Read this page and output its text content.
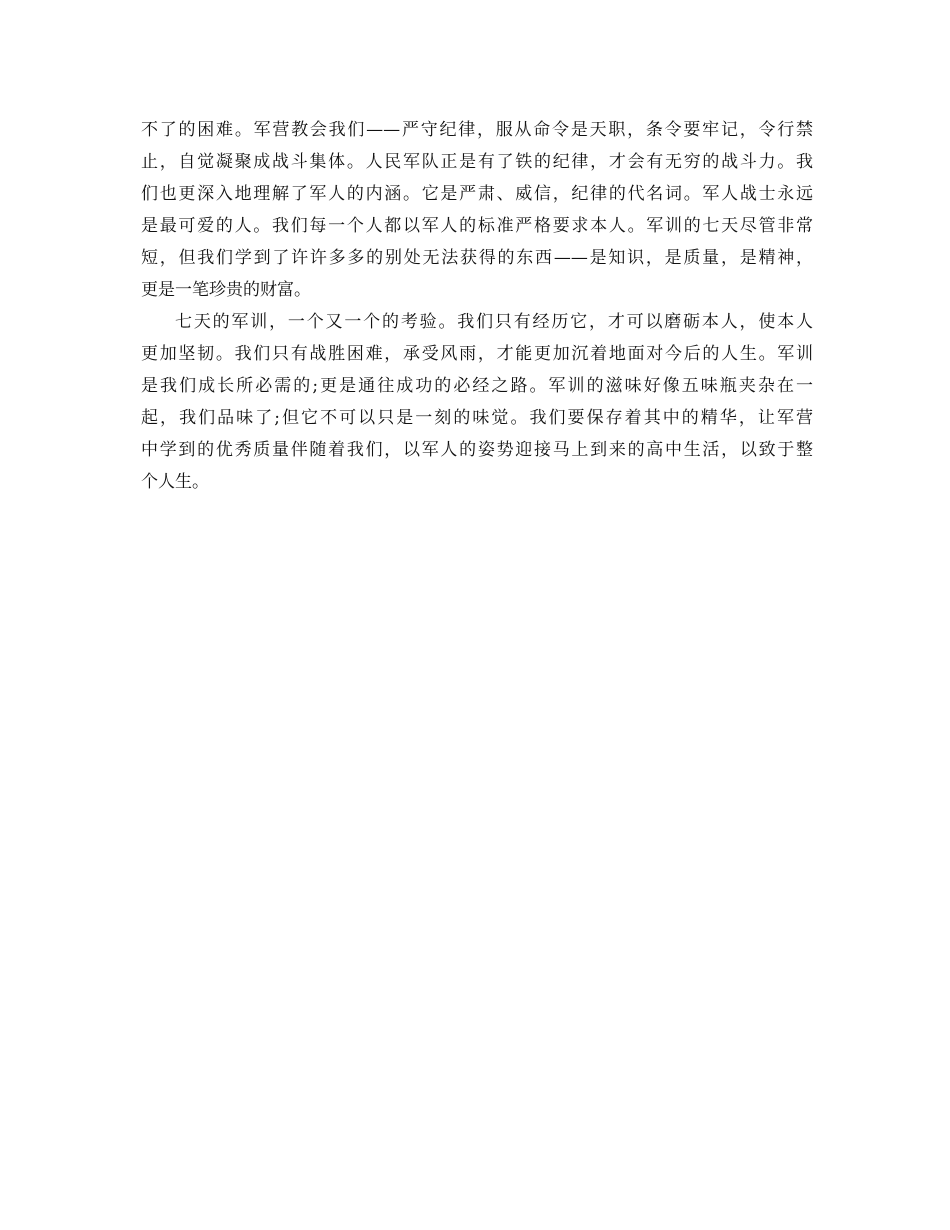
不了的困难。军营教会我们——严守纪律，服从命令是天职，条令要牢记，令行禁
止，自觉凝聚成战斗集体。人民军队正是有了铁的纪律，才会有无穷的战斗力。我
们也更深入地理解了军人的内涵。它是严肃、威信，纪律的代名词。军人战士永远
是最可爱的人。我们每一个人都以军人的标准严格要求本人。军训的七天尽管非常
短，但我们学到了许许多多的别处无法获得的东西——是知识，是质量，是精神，
更是一笔珍贵的财富。
七天的军训，一个又一个的考验。我们只有经历它，才可以磨砺本人，使本人
更加坚韧。我们只有战胜困难，承受风雨，才能更加沉着地面对今后的人生。军训
是我们成长所必需的;更是通往成功的必经之路。军训的滋味好像五味瓶夹杂在一
起，我们品味了;但它不可以只是一刻的味觉。我们要保存着其中的精华，让军营
中学到的优秀质量伴随着我们，以军人的姿势迎接马上到来的高中生活，以致于整
个人生。
